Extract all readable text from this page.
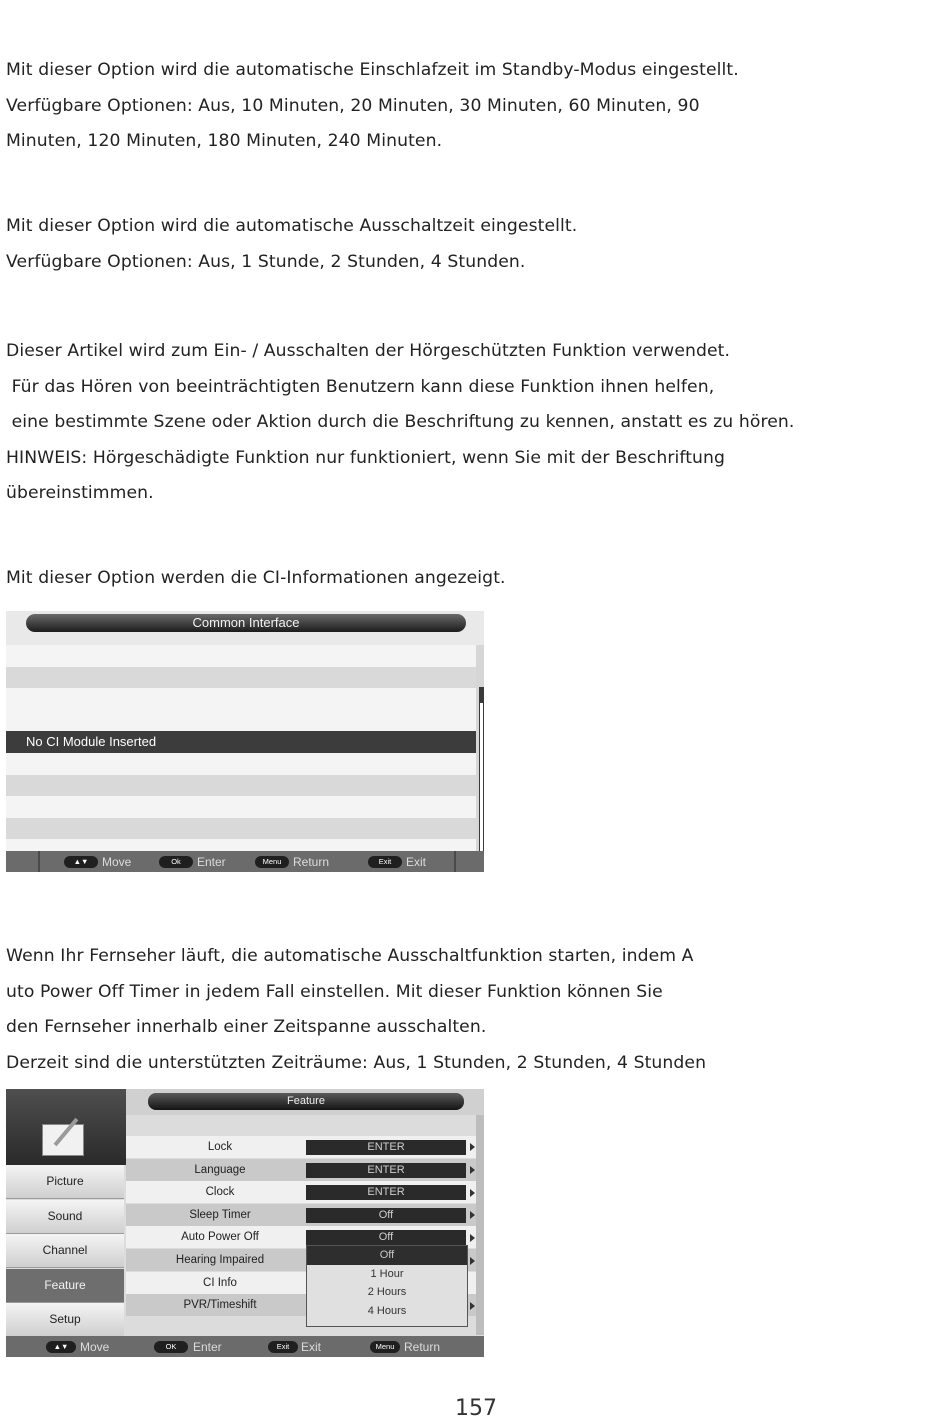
Mit dieser Option wird die automatische Einschlafzeit im Standby-Modus eingestellt.

Verfügbare Optionen: Aus, 10 Minuten, 20 Minuten, 30 Minuten, 60 Minuten, 90

Minuten, 120 Minuten, 180 Minuten, 240 Minuten.

Mit dieser Option wird die automatische Ausschaltzeit eingestellt.

Verfügbare Optionen: Aus, 1 Stunde, 2 Stunden, 4 Stunden.

Dieser Artikel wird zum Ein- / Ausschalten der Hörgeschützten Funktion verwendet.

Für das Hören von beeinträchtigten Benutzern kann diese Funktion ihnen helfen,

eine bestimmte Szene oder Aktion durch die Beschriftung zu kennen, anstatt es zu hören.

HINWEIS: Hörgeschädigte Funktion nur funktioniert, wenn Sie mit der Beschriftung

übereinstimmen.

Mit dieser Option werden die CI-Informationen angezeigt.

Common Interface
No CI Module Inserted
▲▼	Move	Ok	Enter	Menu Return	Exit	Exit

Wenn Ihr Fernseher läuft, die automatische Ausschaltfunktion starten, indem A

uto Power Off Timer in jedem Fall einstellen. Mit dieser Funktion können Sie

den Fernseher innerhalb einer Zeitspanne ausschalten.

Derzeit sind die unterstützten Zeiträume: Aus, 1 Stunden, 2 Stunden, 4 Stunden

Feature
Picture
Sound
Channel
Feature
Setup
Lock	ENTER
Language	ENTER
Clock	ENTER
Sleep Timer	Off
Auto Power Off	Off
Hearing Impaired
CI Info
PVR/Timeshift
Off
1 Hour
2 Hours
4 Hours
▲▼ Move	OK	Enter	Exit Exit	Menu Return
157
